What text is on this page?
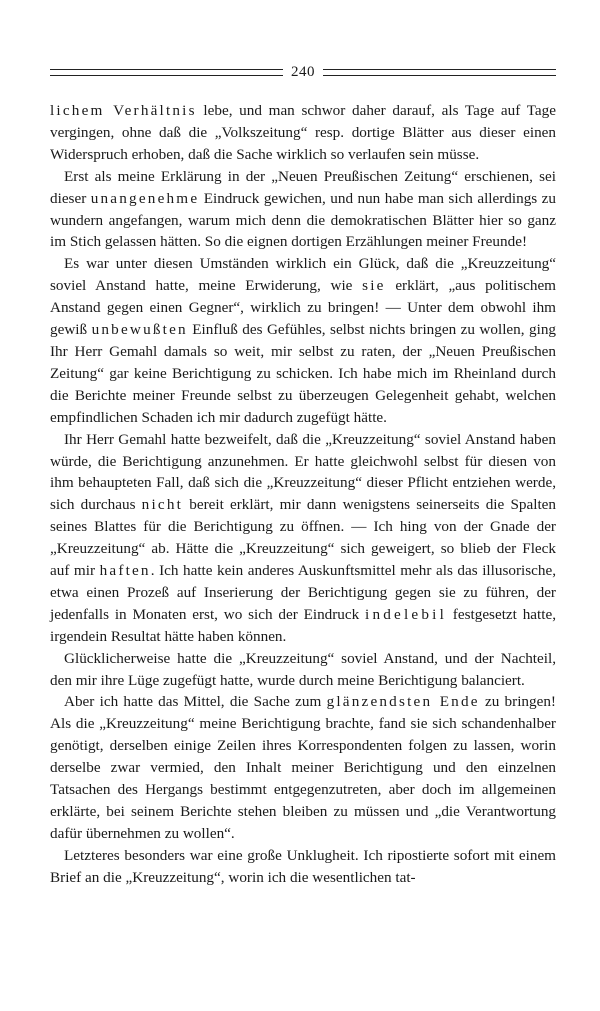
240

lichem Verhältnis lebe, und man schwor daher darauf, als Tage auf Tage vergingen, ohne daß die „Volkszeitung“ resp. dortige Blätter aus dieser einen Widerspruch erhoben, daß die Sache wirklich so verlaufen sein müsse.

Erst als meine Erklärung in der „Neuen Preußischen Zeitung“ erschienen, sei dieser unangenehme Eindruck gewichen, und nun habe man sich allerdings zu wundern angefangen, warum mich denn die demokratischen Blätter hier so ganz im Stich gelassen hätten. So die eignen dortigen Erzählungen meiner Freunde!

Es war unter diesen Umständen wirklich ein Glück, daß die „Kreuzzeitung“ soviel Anstand hatte, meine Erwiderung, wie sie erklärt, „aus politischem Anstand gegen einen Gegner“, wirklich zu bringen! — Unter dem obwohl ihm gewiß unbewußten Einfluß des Gefühles, selbst nichts bringen zu wollen, ging Ihr Herr Gemahl damals so weit, mir selbst zu raten, der „Neuen Preußischen Zeitung“ gar keine Berichtigung zu schicken. Ich habe mich im Rheinland durch die Berichte meiner Freunde selbst zu überzeugen Gelegenheit gehabt, welchen empfindlichen Schaden ich mir dadurch zugefügt hätte.

Ihr Herr Gemahl hatte bezweifelt, daß die „Kreuzzeitung“ soviel Anstand haben würde, die Berichtigung anzunehmen. Er hatte gleichwohl selbst für diesen von ihm behaupteten Fall, daß sich die „Kreuzzeitung“ dieser Pflicht entziehen werde, sich durchaus nicht bereit erklärt, mir dann wenigstens seinerseits die Spalten seines Blattes für die Berichtigung zu öffnen. — Ich hing von der Gnade der „Kreuzzeitung“ ab. Hätte die „Kreuzzeitung“ sich geweigert, so blieb der Fleck auf mir haften. Ich hatte kein anderes Auskunftsmittel mehr als das illusorische, etwa einen Prozeß auf Inserierung der Berichtigung gegen sie zu führen, der jedenfalls in Monaten erst, wo sich der Eindruck indelebil festgesetzt hatte, irgendein Resultat hätte haben können.

Glücklicherweise hatte die „Kreuzzeitung“ soviel Anstand, und der Nachteil, den mir ihre Lüge zugefügt hatte, wurde durch meine Berichtigung balanciert.

Aber ich hatte das Mittel, die Sache zum glänzendsten Ende zu bringen! Als die „Kreuzzeitung“ meine Berichtigung brachte, fand sie sich schandenhalber genötigt, derselben einige Zeilen ihres Korrespondenten folgen zu lassen, worin derselbe zwar vermied, den Inhalt meiner Berichtigung und den einzelnen Tatsachen des Hergangs bestimmt entgegenzutreten, aber doch im allgemeinen erklärte, bei seinem Berichte stehen bleiben zu müssen und „die Verantwortung dafür übernehmen zu wollen“.

Letzteres besonders war eine große Unklugheit. Ich ripostierte sofort mit einem Brief an die „Kreuzzeitung“, worin ich die wesentlichen tat-
